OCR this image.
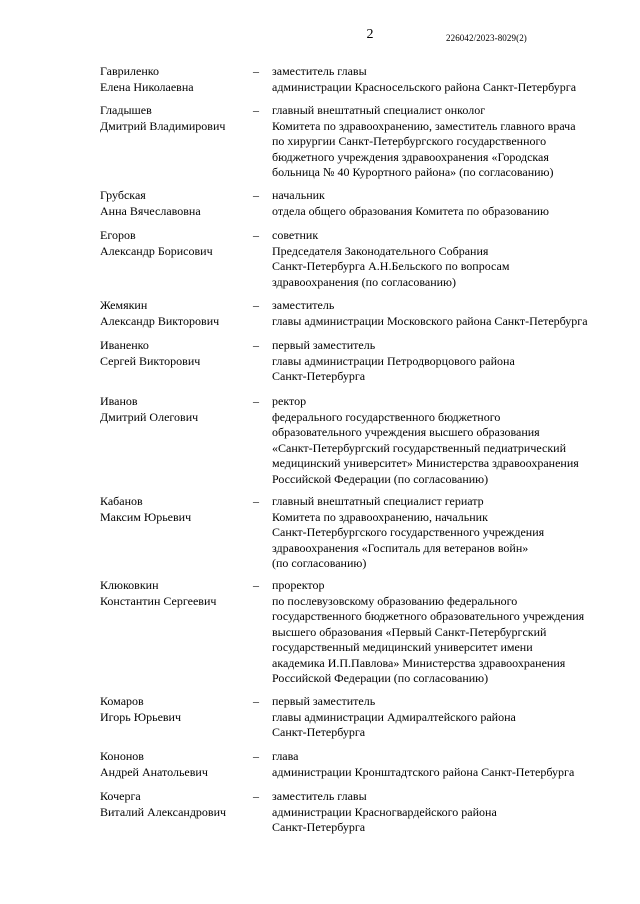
2	226042/2023-8029(2)
Гавриленко
Елена Николаевна
– заместитель главы
администрации Красносельского района Санкт-Петербурга
Гладышев
Дмитрий Владимирович
– главный внештатный специалист онколог
Комитета по здравоохранению, заместитель главного врача
по хирургии Санкт-Петербургского государственного
бюджетного учреждения здравоохранения «Городская
больница № 40 Курортного района» (по согласованию)
Грубская
Анна Вячеславовна
– начальник
отдела общего образования Комитета по образованию
Егоров
Александр Борисович
– советник
Председателя Законодательного Собрания
Санкт-Петербурга А.Н.Бельского по вопросам
здравоохранения (по согласованию)
Жемякин
Александр Викторович
– заместитель
главы администрации Московского района Санкт-Петербурга
Иваненко
Сергей Викторович
– первый заместитель
главы администрации Петродворцового района
Санкт-Петербурга
Иванов
Дмитрий Олегович
– ректор
федерального государственного бюджетного
образовательного учреждения высшего образования
«Санкт-Петербургский государственный педиатрический
медицинский университет» Министерства здравоохранения
Российской Федерации (по согласованию)
Кабанов
Максим Юрьевич
– главный внештатный специалист гериатр
Комитета по здравоохранению, начальник
Санкт-Петербургского государственного учреждения
здравоохранения «Госпиталь для ветеранов войн»
(по согласованию)
Клюковкин
Константин Сергеевич
– проректор
по послевузовскому образованию федерального
государственного бюджетного образовательного учреждения
высшего образования «Первый Санкт-Петербургский
государственный медицинский университет имени
академика И.П.Павлова» Министерства здравоохранения
Российской Федерации (по согласованию)
Комаров
Игорь Юрьевич
– первый заместитель
главы администрации Адмиралтейского района
Санкт-Петербурга
Кононов
Андрей Анатольевич
– глава
администрации Кронштадтского района Санкт-Петербурга
Кочерга
Виталий Александрович
– заместитель главы
администрации Красногвардейского района
Санкт-Петербурга
